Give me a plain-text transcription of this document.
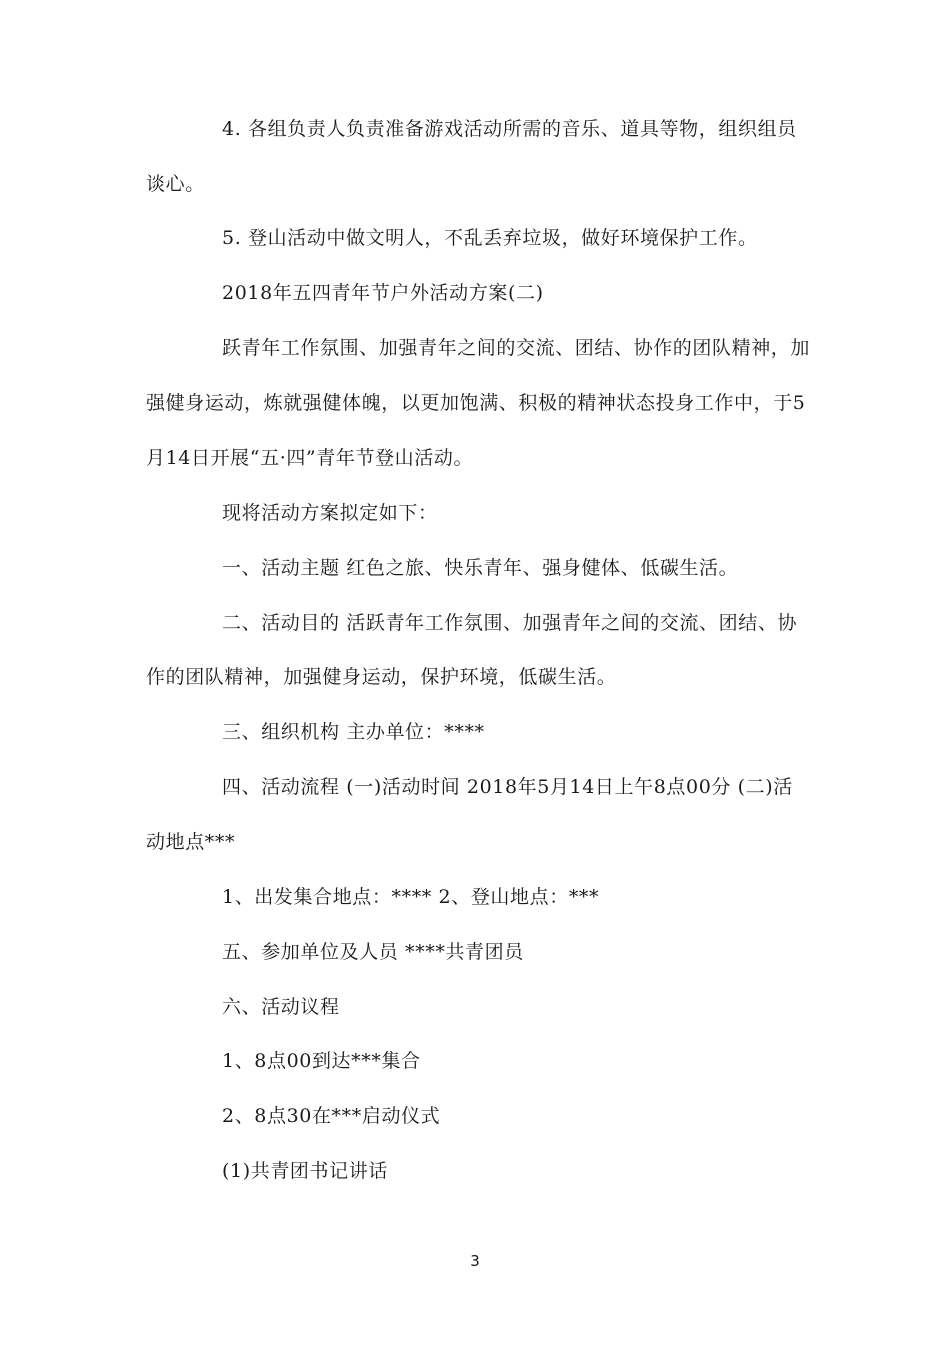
4. 各组负责人负责准备游戏活动所需的音乐、道具等物，组织组员
谈心。
5. 登山活动中做文明人，不乱丢弃垃圾，做好环境保护工作。
2018年五四青年节户外活动方案(二)
跃青年工作氛围、加强青年之间的交流、团结、协作的团队精神，加
强健身运动，炼就强健体魄，以更加饱满、积极的精神状态投身工作中，于5
月14日开展“五·四”青年节登山活动。
现将活动方案拟定如下：
一、活动主题 红色之旅、快乐青年、强身健体、低碳生活。
二、活动目的 活跃青年工作氛围、加强青年之间的交流、团结、协
作的团队精神，加强健身运动，保护环境，低碳生活。
三、组织机构 主办单位：****
四、活动流程 (一)活动时间 2018年5月14日上午8点00分 (二)活
动地点***
1、出发集合地点：**** 2、登山地点：***
五、参加单位及人员 ****共青团员
六、活动议程
1、8点00到达***集合
2、8点30在***启动仪式
(1)共青团书记讲话
3
